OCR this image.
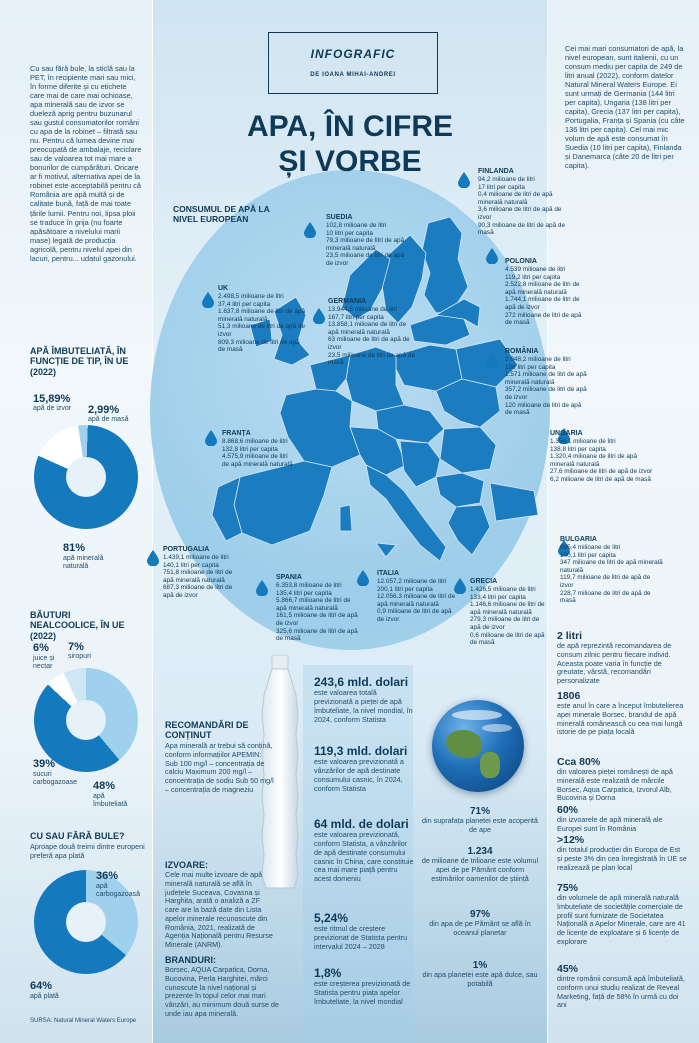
INFOGRAFIC
DE IOANA MIHAI-ANDREI
APA, ÎN CIFRE
ȘI VORBE
Cu sau fără bule, la sticlă sau la PET, în recipiente mari sau mici, în forme diferite și cu etichete care mai de care mai ochioase, apa minerală sau de izvor se dueleză aprig pentru buzunarul sau gustul consumatorilor români cu apa de la robinet – filtrată sau nu. Pentru că lumea devine mai preocupată de ambalaje, reciclare sau de valoarea tot mai mare a bonurilor de cumpărături. Oricare ar fi motivul, alternativa apei de la robinet este acceptabilă pentru că România are apă multă și de calitate bună, față de mai toate țările lumii. Pentru noi, lipsa ploii se traduce în grija (nu foarte apăsătoare a nivelului marii mase) legată de producția agricolă, pentru nivelul apei din lacuri, pentru... udatul gazonului.
Cei mai mari consumatori de apă, la nivel european, sunt italienii, cu un consum mediu per capita de 249 de litri anual (2022), conform datelor Natural Mineral Waters Europe. Ei sunt urmați de Germania (144 litri per capita), Ungaria (138 litri per capita), Grecia (137 litri per capita), Portugalia, Franța și Spania (cu câte 136 litri per capita). Cel mai mic volum de apă este consumat în Suedia (10 litri per capita), Finlanda și Danemarca (câte 20 de litri per capita).
CONSUMUL DE APĂ LA NIVEL EUROPEAN
FINLANDA
94,2 milioane de litri
17 litri per capita
0,4 milioane de litri de apă minerală naturală
3,6 milioane de litri de apă de izvor
90,3 milioane de litri de apă de masă
SUEDIA
102,8 milioane de litri
10 litri per capita
79,3 milioane de litri de apă minerală naturală
23,5 milioane de litri de apă de izvor	POLONIA
4.539 milioane de litri
119,2 litri per capita
2.522,8 milioane de litri de apă minerală naturală
1.744,1 milioane de litri de apă de izvor
272 milioane de litri de apă de masă
UK
2.498,5 milioane de litri
37,4 litri per capita
1.637,8 milioane de litri de apă minerală naturală
51,3 milioane de litri de apă de izvor
809,3 milioane de litri de apă de masă
GERMANIA
13.944,6 milioane de litri
167,7 litri per capita
13.858,1 milioane de litri de apă minerală naturală
63 milioane de litri de apă de izvor
23,5 milioane de litri de apă de masă
ROMÂNIA
2.048,2 milioane de litri
106 litri per capita
1.571 milioane de litri de apă minerală naturală
357,2 milioane de litri de apă de izvor
120 milioane de litri de apă de masă
FRANȚA
8.868,6 milioane de litri
132,8 litri per capita
4.575,9 milioane de litri de apă minerală naturală
UNGARIA
1.354,1 milioane de litri
138,8 litri per capita
1.320,4 milioane de litri de apă minerală naturală
27,6 milioane de litri de apă de izvor
6,2 milioane de litri de apă de masă
PORTUGALIA
1.439,1 milioane de litri
140,1 litri per capita
751,8 milioane de litri de apă minerală naturală
687,3 milioane de litri de apă de izvor
SPANIA
6.353,8 milioane de litri
135,4 litri per capita
5.866,7 milioane de litri de apă minerală naturală
161,5 milioane de litri de apă de izvor
325,6 milioane de litri de apă de masă
ITALIA
12.057,2 milioane de litri
200,1 litri per capita
12.056,3 milioane de litri de apă minerală naturală
0,9 milioane de litri de apă de izvor
GRECIA
1.426,5 milioane de litri
133,4 litri per capita
1.146,6 milioane de litri de apă minerală naturală
279,3 milioane de litri de apă de izvor
0,6 milioane de litri de apă de masă
BULGARIA
695,4 milioane de litri
100,1 litri per capita
347 milioane de litri de apă minerală naturală
119,7 milioane de litri de apă de izvor
228,7 milioane de litri de apă de masă
APĂ ÎMBUTELIATĂ, ÎN FUNCȚIE DE TIP, ÎN UE (2022)
15,89%
apă de izvor 2,99%
apă de masă
81%
apă minerală naturală
BĂUTURI NEALCOOLICE, ÎN UE (2022)
6%
juice și nectar
7%
siropuri
39%
sucuri carbogazoase	48%
apă îmbuteliată
CU SAU FĂRĂ BULE?
Aproape două treimi dintre europeni preferă apa plată
36%
apă carbogazoasă
64%
apă plată
SURSA: Natural Mineral Waters Europe
RECOMANDĂRI DE CONȚINUT
Apa minerală ar trebui să conțină, conform informațiilor APEMIN: Sub 100 mg/l – concentrația de calciu Maximum 200 mg/l – concentrația de sodiu Sub 50 mg/l – concentrația de magneziu
IZVOARE:
Cele mai multe izvoare de apă minerală naturală se află în județele Suceava, Covasna și Harghita, arată o analiză a ZF care are la bază date din Lista apelor minerale recunoscute din România, 2021, realizată de Agenția Națională pentru Resurse Minerale (ANRM).
BRANDURI:
Borsec, AQUA Carpatica, Dorna, Bucovina, Perla Harghitei, mărci cunoscute la nivel național și prezente în topul celor mai mari vânzări, au minimum două surse de unde iau apa minerală.
243,6 mld. dolari
este valoarea totală previzionată a pieței de apă îmbuteliate, la nivel mondial, în 2024, conform Statista
119,3 mld. dolari
este valoarea previzionată a vânzărilor de apă destinate consumului casnic, în 2024, conform Statista
64 mld. de dolari
este valoarea previzionată, conform Statista, a vânzărilor de apă destinate consumului casnic în China, care constituie cea mai mare piață pentru acest domeniu
5,24%
este ritmul de creștere previzionat de Statista pentru intervalul 2024 – 2028
1,8%
este creșterea previzionată de Statista pentru piața apelor îmbuteliate, la nivel mondial
71%
din suprafața planetei este acoperită de ape
1.234
de milioane de trilioane este volumul apei de pe Pământ conform estimărilor oamenilor de știință
97%
din apa de pe Pământ se află în oceanul planetar
1%
din apa planetei este apă dulce, sau potabilă
2 litri
de apă reprezintă recomandarea de consum zilnic pentru fiecare individ. Aceasta poate varia în funcție de greutate, vârstă, recomandări personalizate
1806
este anul în care a început îmbutelierea apei minerale Borsec, brandul de apă minerală românească cu cea mai lungă istorie de pe piața locală
Cca 80%
din valoarea pieței românești de apă minerală este realizată de mărcile Borsec, Aqua Carpatica, Izvorul Alb, Bucovina și Dorna
60%
din izvoarele de apă minerală ale Europei sunt în România
>12%
din totalul producției din Europa de Est și peste 3% din cea înregistrată în UE se realizează pe plan local
75%
din volumele de apă minerală naturală îmbuteliate de societățile comerciale de profil sunt furnizate de Societatea Națională a Apelor Minerale, care are 41 de licențe de exploatare și 6 licențe de explorare
45%
dintre românii consumă apă îmbuteliată, conform unui studiu realizat de Reveal Marketing, față de 58% în urmă cu doi ani
